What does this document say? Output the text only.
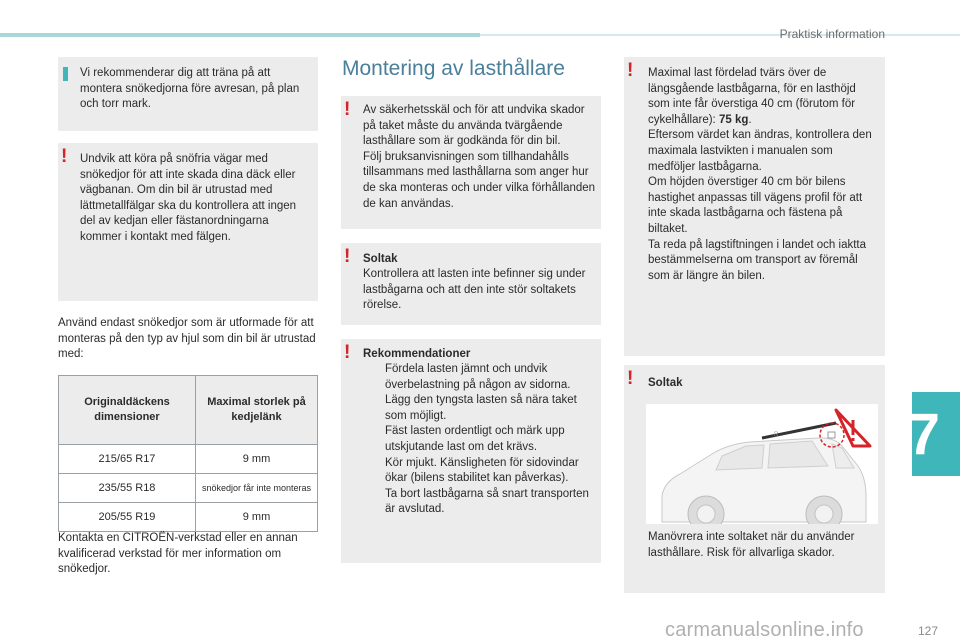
Praktisk information
7
Vi rekommenderar dig att träna på att montera snökedjorna före avresan, på plan och torr mark.
! Undvik att köra på snöfria vägar med snökedjor för att inte skada dina däck eller vägbanan. Om din bil är utrustad med lättmetallfälgar ska du kontrollera att ingen del av kedjan eller fästanordningarna kommer i kontakt med fälgen.
Använd endast snökedjor som är utformade för att monteras på den typ av hjul som din bil är utrustad med:
Originaldäckens dimensioner	Maximal storlek på kedjelänk
215/65 R17	9 mm
235/55 R18	snökedjor får inte monteras
205/55 R19	9 mm
Kontakta en CITROËN-verkstad eller en annan kvalificerad verkstad för mer information om snökedjor.
Montering av lasthållare
! Av säkerhetsskäl och för att undvika skador på taket måste du använda tvärgående lasthållare som är godkända för din bil.
Följ bruksanvisningen som tillhandahålls tillsammans med lasthållarna som anger hur de ska monteras och under vilka förhållanden de kan användas.
! Soltak
Kontrollera att lasten inte befinner sig under lastbågarna och att den inte stör soltakets rörelse.
! Rekommendationer
Fördela lasten jämnt och undvik överbelastning på någon av sidorna.
Lägg den tyngsta lasten så nära taket som möjligt.
Fäst lasten ordentligt och märk upp utskjutande last om det krävs.
Kör mjukt. Känsligheten för sidovindar ökar (bilens stabilitet kan påverkas).
Ta bort lastbågarna så snart transporten är avslutad.
! Maximal last fördelad tvärs över de längsgående lastbågarna, för en lasthöjd som inte får överstiga 40 cm (förutom för cykelhållare): 75 kg.
Eftersom värdet kan ändras, kontrollera den maximala lastvikten i manualen som medföljer lastbågarna.
Om höjden överstiger 40 cm bör bilens hastighet anpassas till vägens profil för att inte skada lastbågarna och fästena på biltaket.
Ta reda på lagstiftningen i landet och iaktta bestämmelserna om transport av föremål som är längre än bilen.
! Soltak
R
Manövrera inte soltaket när du använder lasthållare. Risk för allvarliga skador.
carmanualsonline.info	127
